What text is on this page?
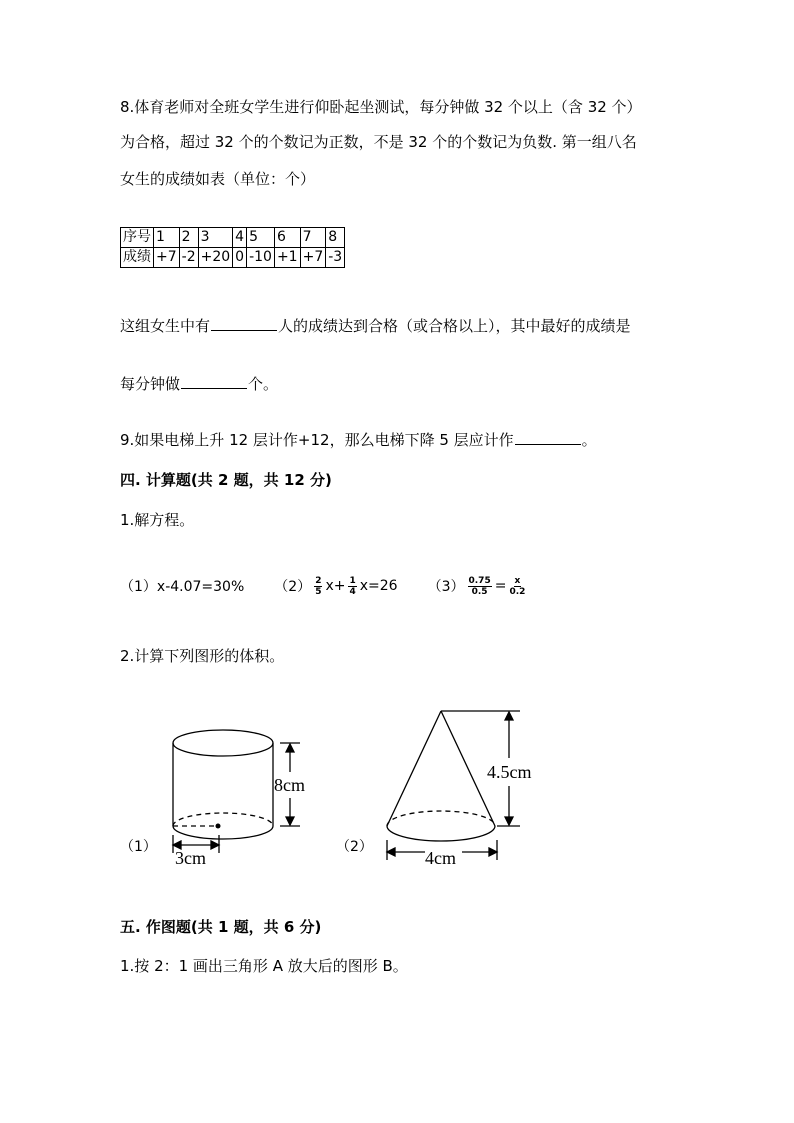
8.体育老师对全班女学生进行仰卧起坐测试，每分钟做 32 个以上（含 32 个）
为合格，超过 32 个的个数记为正数，不是 32 个的个数记为负数. 第一组八名
女生的成绩如表（单位：个）
序号	1	2	3	4	5	6	7	8
成绩	+7	-2	+20	0	-10	+1	+7	-3
这组女生中有	人的成绩达到合格（或合格以上），其中最好的成绩是
每分钟做	个。
9.如果电梯上升 12 层计作+12，那么电梯下降 5 层应计作	。
四. 计算题(共 2 题，共 12 分)
1.解方程。
（1）x-4.07=30% $(2) \frac{2}{5} x+ \frac{1}{4} x=26$ $(3) \frac{0.75}{0.5} = \frac{x}{0.2}$
2.计算下列图形的体积。
（1）
8cm
3cm
（2）
4.5cm
4cm
五. 作图题(共 1 题，共 6 分)
1.按 2：1 画出三角形 A 放大后的图形 B。
